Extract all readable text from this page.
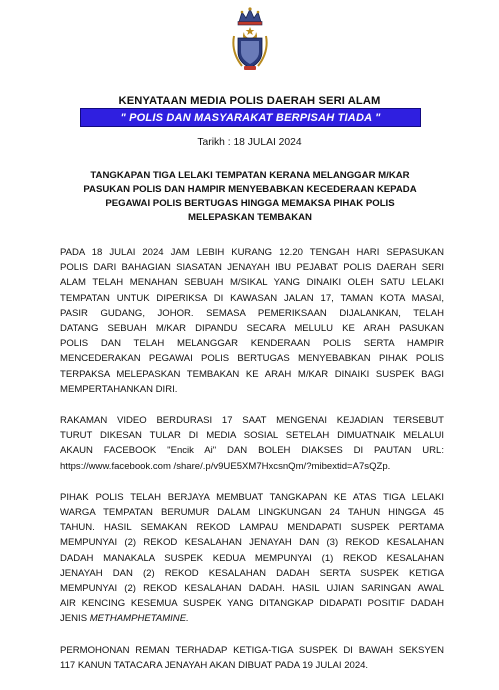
KENYATAAN MEDIA POLIS DAERAH SERI ALAM
" POLIS DAN MASYARAKAT BERPISAH TIADA "
Tarikh : 18 JULAI 2024
TANGKAPAN TIGA LELAKI TEMPATAN KERANA MELANGGAR M/KAR
PASUKAN POLIS DAN HAMPIR MENYEBABKAN KECEDERAAN KEPADA
PEGAWAI POLIS BERTUGAS HINGGA MEMAKSA PIHAK POLIS
MELEPASKAN TEMBAKAN
PADA 18 JULAI 2024 JAM LEBIH KURANG 12.20 TENGAH HARI SEPASUKAN
POLIS DARI BAHAGIAN SIASATAN JENAYAH IBU PEJABAT POLIS DAERAH SERI
ALAM TELAH MENAHAN SEBUAH M/SIKAL YANG DINAIKI OLEH SATU LELAKI
TEMPATAN UNTUK DIPERIKSA DI KAWASAN JALAN 17, TAMAN KOTA MASAI,
PASIR GUDANG, JOHOR. SEMASA PEMERIKSAAN DIJALANKAN, TELAH
DATANG SEBUAH M/KAR DIPANDU SECARA MELULU KE ARAH PASUKAN
POLIS DAN TELAH MELANGGAR KENDERAAN POLIS SERTA HAMPIR
MENCEDERAKAN PEGAWAI POLIS BERTUGAS MENYEBABKAN PIHAK POLIS
TERPAKSA MELEPASKAN TEMBAKAN KE ARAH M/KAR DINAIKI SUSPEK BAGI
MEMPERTAHANKAN DIRI.
RAKAMAN VIDEO BERDURASI 17 SAAT MENGENAI KEJADIAN TERSEBUT
TURUT DIKESAN TULAR DI MEDIA SOSIAL SETELAH DIMUATNAIK MELALUI
AKAUN FACEBOOK "Encik Ai" DAN BOLEH DIAKSES DI PAUTAN URL:
https://www.facebook.com /share/.p/v9UE5XM7HxcsnQm/?mibextid=A7sQZp.
PIHAK POLIS TELAH BERJAYA MEMBUAT TANGKAPAN KE ATAS TIGA LELAKI
WARGA TEMPATAN BERUMUR DALAM LINGKUNGAN 24 TAHUN HINGGA 45
TAHUN. HASIL SEMAKAN REKOD LAMPAU MENDAPATI SUSPEK PERTAMA
MEMPUNYAI (2) REKOD KESALAHAN JENAYAH DAN (3) REKOD KESALAHAN
DADAH MANAKALA SUSPEK KEDUA MEMPUNYAI (1) REKOD KESALAHAN
JENAYAH DAN (2) REKOD KESALAHAN DADAH SERTA SUSPEK KETIGA
MEMPUNYAI (2) REKOD KESALAHAN DADAH. HASIL UJIAN SARINGAN AWAL
AIR KENCING KESEMUA SUSPEK YANG DITANGKAP DIDAPATI POSITIF DADAH
JENIS METHAMPHETAMINE.
PERMOHONAN REMAN TERHADAP KETIGA-TIGA SUSPEK DI BAWAH SEKSYEN
117 KANUN TATACARA JENAYAH AKAN DIBUAT PADA 19 JULAI 2024.
